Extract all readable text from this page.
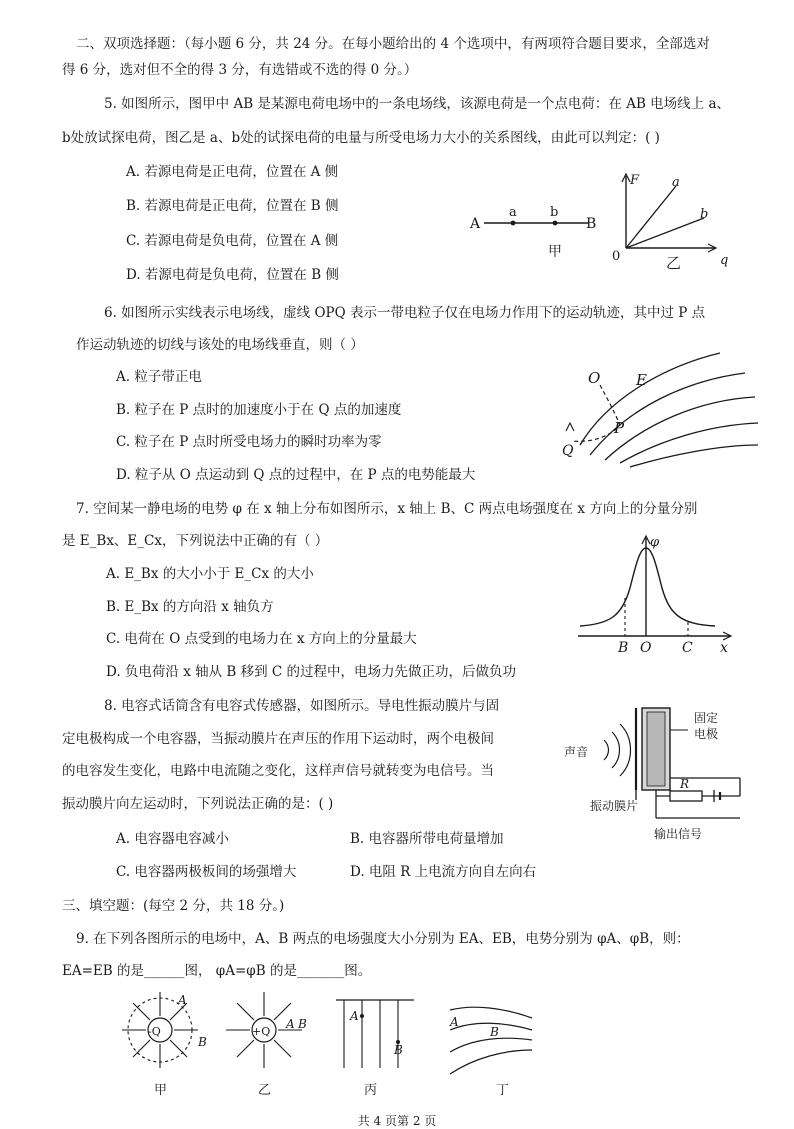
二、双项选择题：（每小题 6 分，共 24 分。在每小题给出的 4 个选项中，有两项符合题目要求，全部选对
得 6 分，选对但不全的得 3 分，有选错或不选的得 0 分。）
5. 如图所示，图甲中 AB 是某源电荷电场中的一条电场线，该源电荷是一个点电荷：在 AB 电场线上 a、
b处放试探电荷，图乙是 a、b处的试探电荷的电量与所受电场力大小的关系图线，由此可以判定：( )
A. 若源电荷是正电荷，位置在 A 侧
B. 若源电荷是正电荷，位置在 B 侧
C. 若源电荷是负电荷，位置在 A 侧
D. 若源电荷是负电荷，位置在 B 侧
A
a	b
B
甲
F	a
b
0	q
乙
6. 如图所示实线表示电场线，虚线 OPQ 表示一带电粒子仅在电场力作用下的运动轨迹，其中过 P 点
作运动轨迹的切线与该处的电场线垂直，则（ ）
A. 粒子带正电
B. 粒子在 P 点时的加速度小于在 Q 点的加速度
C. 粒子在 P 点时所受电场力的瞬时功率为零
D. 粒子从 O 点运动到 Q 点的过程中，在 P 点的电势能最大
O E
P
Q
7. 空间某一静电场的电势 φ 在 x 轴上分布如图所示，x 轴上 B、C 两点电场强度在 x 方向上的分量分别
是 E_Bx、E_Cx，下列说法中正确的有（ ）
A. E_Bx 的大小小于 E_Cx 的大小
B. E_Bx 的方向沿 x 轴负方
C. 电荷在 O 点受到的电场力在 x 方向上的分量最大
D. 负电荷沿 x 轴从 B 移到 C 的过程中，电场力先做正功，后做负功
φ
B O C x
8. 电容式话筒含有电容式传感器，如图所示。导电性振动膜片与固
定电极构成一个电容器，当振动膜片在声压的作用下运动时，两个电极间
的电容发生变化，电路中电流随之变化，这样声信号就转变为电信号。当
振动膜片向左运动时，下列说法正确的是：( )
A. 电容器电容减小	B. 电容器所带电荷量增加
C. 电容器两极板间的场强增大	D. 电阻 R 上电流方向自左向右
固定
电极
声音
振动膜片
R
输出信号
三、填空题：(每空 2 分，共 18 分。)
9. 在下列各图所示的电场中，A、B 两点的电场强度大小分别为 EA、EB，电势分别为 φA、φB，则：
EA=EB 的是______图， φA=φB 的是_______图。
-Q
A
B
甲
+Q
A B
乙
A
B
丙
A
B
丁
共 4 页第 2 页
